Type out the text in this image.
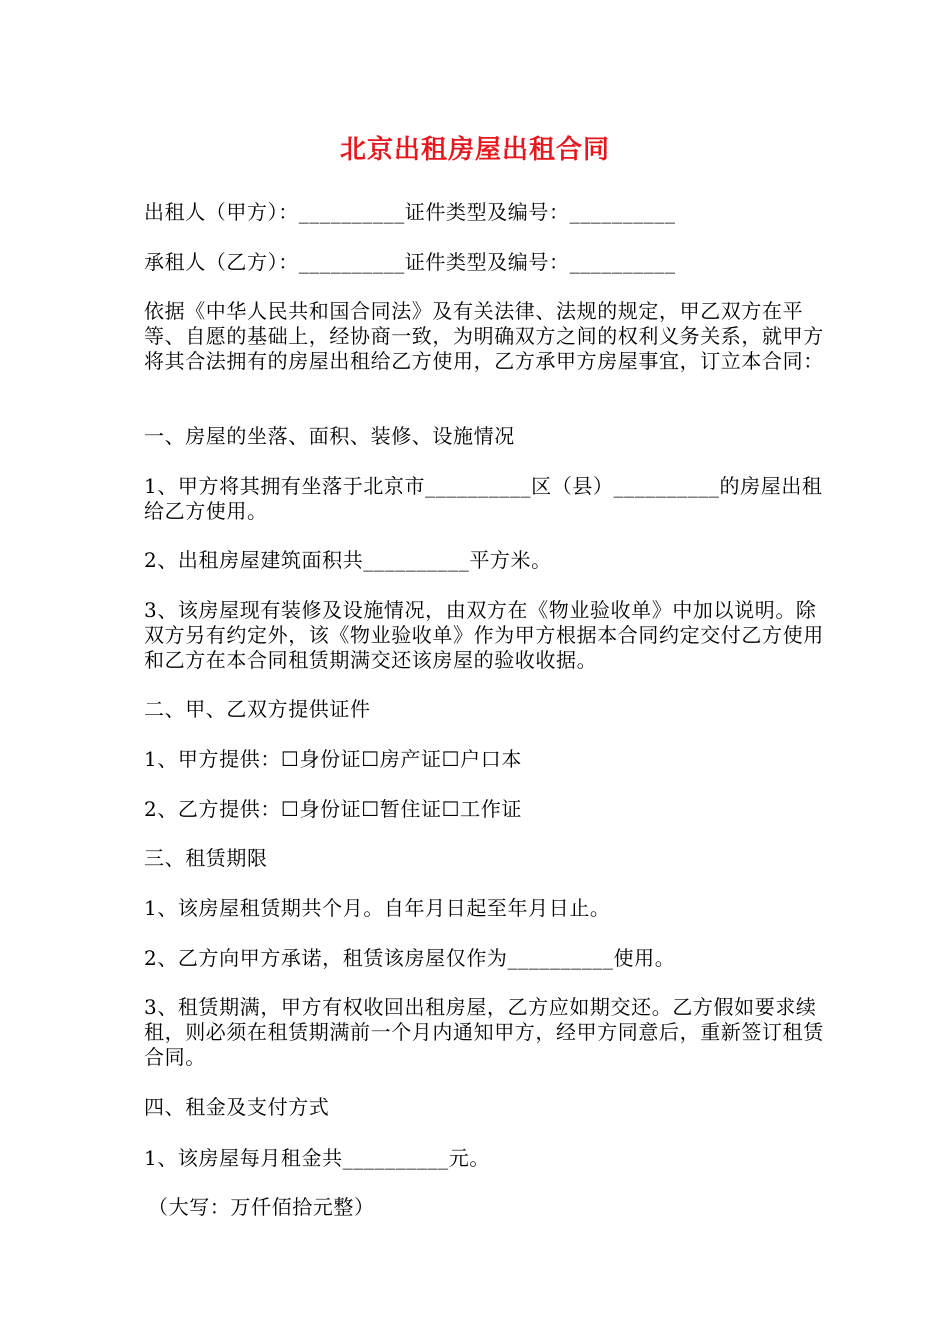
北京出租房屋出租合同
出租人（甲方）：__________证件类型及编号：__________
承租人（乙方）：__________证件类型及编号：__________
依据《中华人民共和国合同法》及有关法律、法规的规定，甲乙双方在平等、自愿的基础上，经协商一致，为明确双方之间的权利义务关系，就甲方将其合法拥有的房屋出租给乙方使用，乙方承甲方房屋事宜，订立本合同：
一、房屋的坐落、面积、装修、设施情况
1、甲方将其拥有坐落于北京市__________区（县）__________的房屋出租给乙方使用。
2、出租房屋建筑面积共__________平方米。
3、该房屋现有装修及设施情况，由双方在《物业验收单》中加以说明。除双方另有约定外，该《物业验收单》作为甲方根据本合同约定交付乙方使用和乙方在本合同租赁期满交还该房屋的验收收据。
二、甲、乙双方提供证件
1、甲方提供：☐身份证☐房产证☐户口本
2、乙方提供：☐身份证☐暂住证☐工作证
三、租赁期限
1、该房屋租赁期共个月。自年月日起至年月日止。
2、乙方向甲方承诺，租赁该房屋仅作为__________使用。
3、租赁期满，甲方有权收回出租房屋，乙方应如期交还。乙方假如要求续租，则必须在租赁期满前一个月内通知甲方，经甲方同意后，重新签订租赁合同。
四、租金及支付方式
1、该房屋每月租金共__________元。
（大写：万仟佰拾元整）
